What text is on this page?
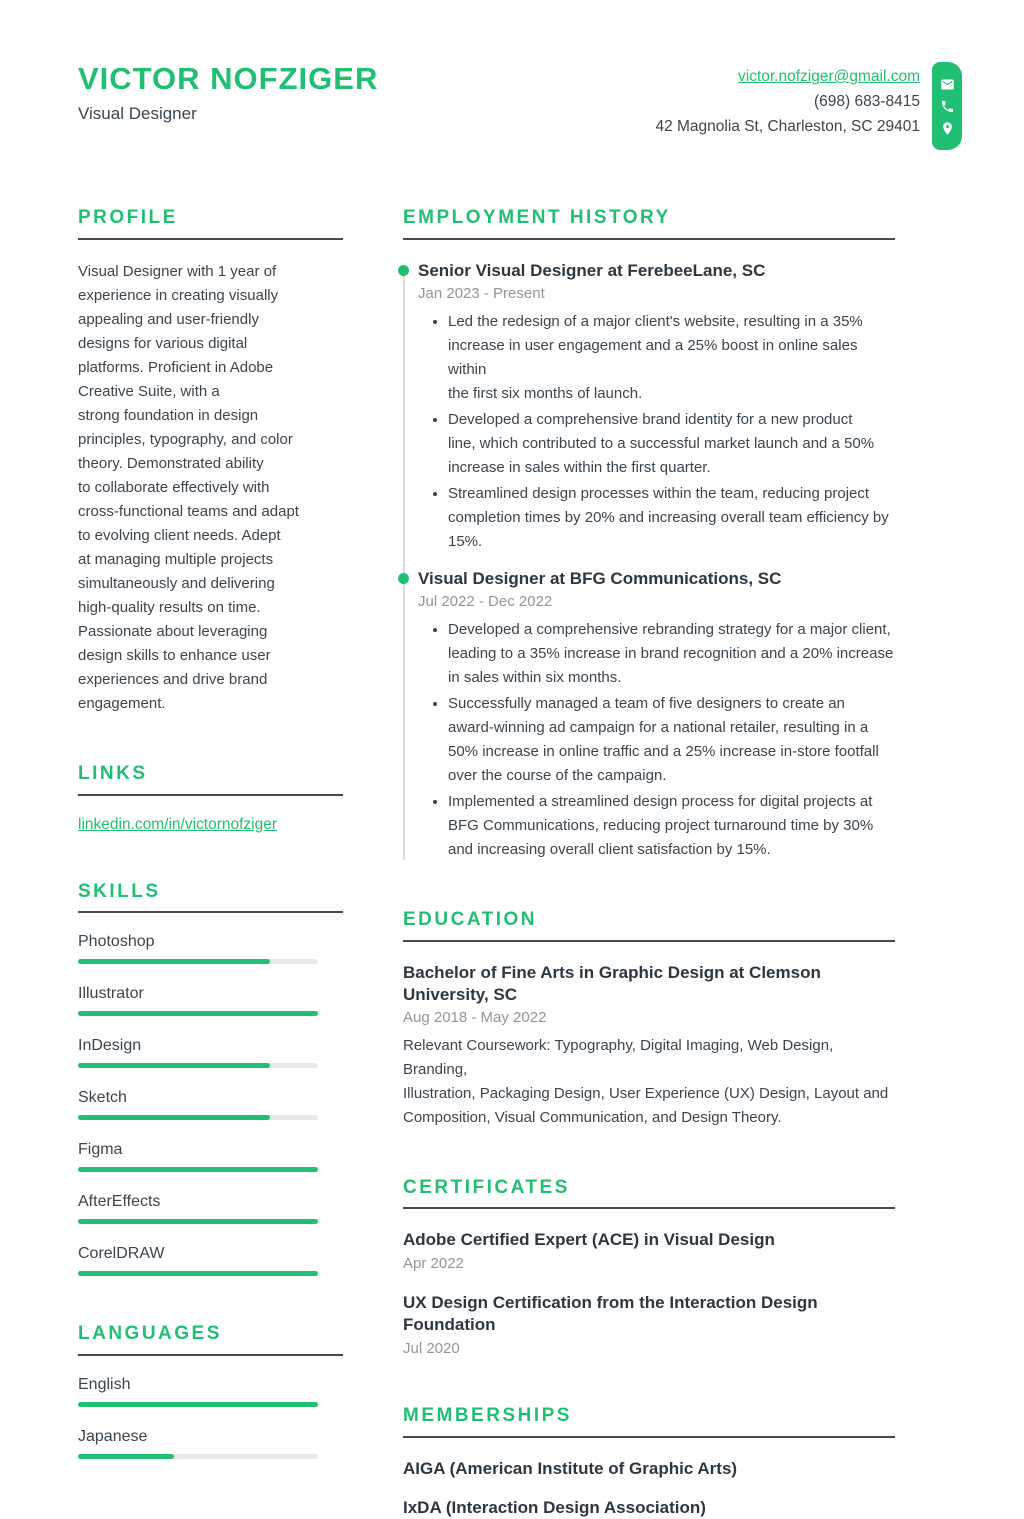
VICTOR NOFZIGER
Visual Designer
victor.nofziger@gmail.com
(698) 683-8415
42 Magnolia St, Charleston, SC 29401
PROFILE
Visual Designer with 1 year of
experience in creating visually
appealing and user-friendly
designs for various digital
platforms. Proficient in Adobe
Creative Suite, with a
strong foundation in design
principles, typography, and color
theory. Demonstrated ability
to collaborate effectively with
cross-functional teams and adapt
to evolving client needs. Adept
at managing multiple projects
simultaneously and delivering
high-quality results on time.
Passionate about leveraging
design skills to enhance user
experiences and drive brand
engagement.
LINKS
linkedin.com/in/victornofziger
SKILLS
Photoshop
Illustrator
InDesign
Sketch
Figma
AfterEffects
CorelDRAW
LANGUAGES
English
Japanese
EMPLOYMENT HISTORY
Senior Visual Designer at FerebeeLane, SC
Jan 2023 - Present
• Led the redesign of a major client's website, resulting in a 35%
increase in user engagement and a 25% boost in online sales within
the first six months of launch.
• Developed a comprehensive brand identity for a new product
line, which contributed to a successful market launch and a 50%
increase in sales within the first quarter.
• Streamlined design processes within the team, reducing project
completion times by 20% and increasing overall team efficiency by
15%.
Visual Designer at BFG Communications, SC
Jul 2022 - Dec 2022
• Developed a comprehensive rebranding strategy for a major client,
leading to a 35% increase in brand recognition and a 20% increase
in sales within six months.
• Successfully managed a team of five designers to create an
award-winning ad campaign for a national retailer, resulting in a
50% increase in online traffic and a 25% increase in-store footfall
over the course of the campaign.
• Implemented a streamlined design process for digital projects at
BFG Communications, reducing project turnaround time by 30%
and increasing overall client satisfaction by 15%.
EDUCATION
Bachelor of Fine Arts in Graphic Design at Clemson University, SC
Aug 2018 - May 2022
Relevant Coursework: Typography, Digital Imaging, Web Design, Branding,
Illustration, Packaging Design, User Experience (UX) Design, Layout and
Composition, Visual Communication, and Design Theory.
CERTIFICATES
Adobe Certified Expert (ACE) in Visual Design
Apr 2022
UX Design Certification from the Interaction Design Foundation
Jul 2020
MEMBERSHIPS
AIGA (American Institute of Graphic Arts)
IxDA (Interaction Design Association)
